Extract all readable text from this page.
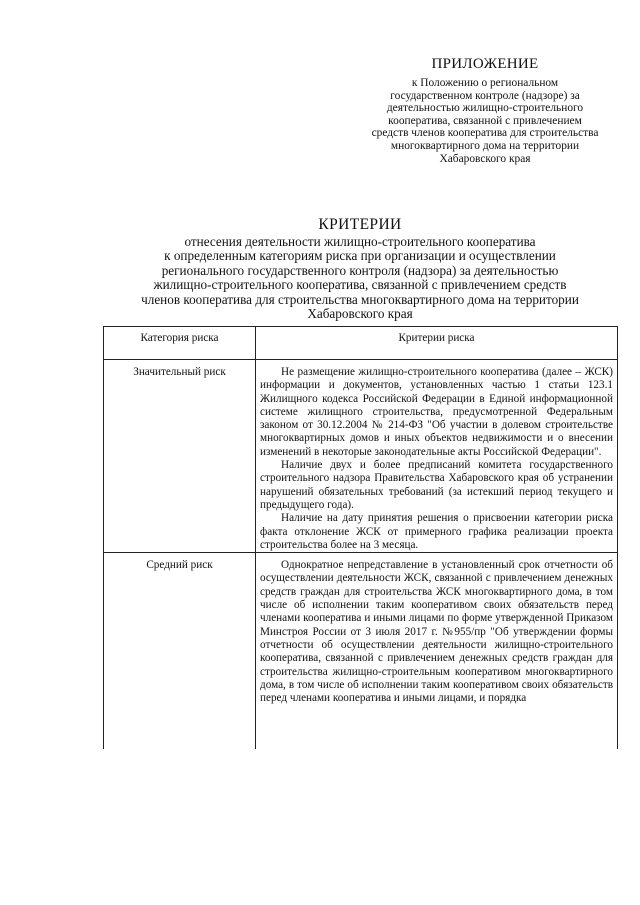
ПРИЛОЖЕНИЕ
к Положению о региональном
государственном контроле (надзоре) за
деятельностью жилищно-строительного
кооператива, связанной с привлечением
средств членов кооператива для строительства
многоквартирного дома на территории
Хабаровского края
КРИТЕРИИ
отнесения деятельности жилищно-строительного кооператива
к определенным категориям риска при организации и осуществлении
регионального государственного контроля (надзора) за деятельностью
жилищно-строительного кооператива, связанной с привлечением средств
членов кооператива для строительства многоквартирного дома на территории
Хабаровского края
Категория риска	Критерии риска
Значительный риск	Не размещение жилищно-строительного кооператива (далее – ЖСК) информации и документов, установленных частью 1 статьи 123.1 Жилищного кодекса Российской Федерации в Единой информационной системе жилищного строительства, предусмотренной Федеральным законом от 30.12.2004 № 214-ФЗ "Об участии в долевом строительстве многоквартирных домов и иных объектов недвижимости и о внесении изменений в некоторые законодательные акты Российской Федерации".

Наличие двух и более предписаний комитета государственного строительного надзора Правительства Хабаровского края об устранении нарушений обязательных требований (за истекший период текущего и предыдущего года).

Наличие на дату принятия решения о присвоении категории риска факта отклонение ЖСК от примерного графика реализации проекта строительства более на 3 месяца.

Средний риск	Однократное непредставление в установленный срок отчетности об осуществлении деятельности ЖСК, связанной с привлечением денежных средств граждан для строительства ЖСК многоквартирного дома, в том числе об исполнении таким кооперативом своих обязательств перед членами кооператива и иными лицами по форме утвержденной Приказом Минстроя России от 3 июля 2017 г. №955/пр "Об утверждении формы отчетности об осуществлении деятельности жилищно-строительного кооператива, связанной с привлечением денежных средств граждан для строительства жилищно-строительным кооперативом многоквартирного дома, в том числе об исполнении таким кооперативом своих обязательств перед членами кооператива и иными лицами, и порядка
